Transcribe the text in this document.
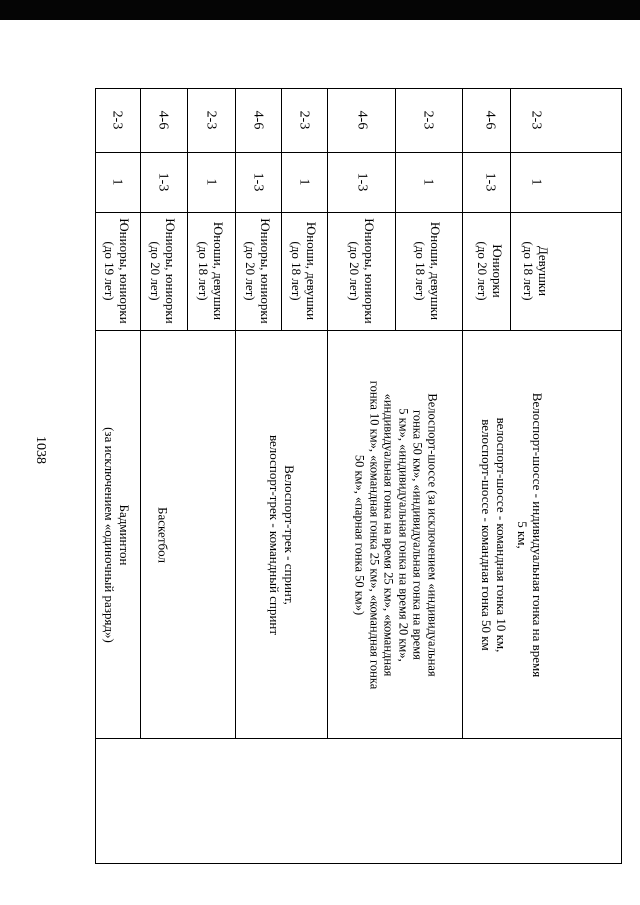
1038
Бадминтон
(за исключением «одиночный разряд»)
Юниоры, юниорки
(до 19 лет)
1
2-3
Баскетбол
Юниоры, юниорки
(до 20 лет)
1-3
4-6
Юноши, девушки
(до 18 лет)
1
2-3
Велоспорт-трек - спринт,
велоспорт-трек - командный спринт
Юниоры, юниорки
(до 20 лет)
1-3
4-6
Юноши, девушки
(до 18 лет)
1
2-3
Велоспорт-шоссе (за исключением «индивидуальная
гонка 50 км», «индивидуальная гонка на время
5 км», «индивидуальная гонка на время 20 км»,
«индивидуальная гонка на время 25 км», «командная
гонка 10 км», «командная гонка 25 км», «командная гонка
50 км», «парная гонка 50 км»)
Юниоры, юниорки
(до 20 лет)
1-3
4-6
Юноши, девушки
(до 18 лет)
1
2-3
Велоспорт-шоссе - индивидуальная гонка на время
5 км,
велоспорт-шоссе - командная гонка 10 км,
велоспорт-шоссе - командная гонка 50 км
Юниорки
(до 20 лет)
1-3
4-6
Девушки
(до 18 лет)
1
2-3
